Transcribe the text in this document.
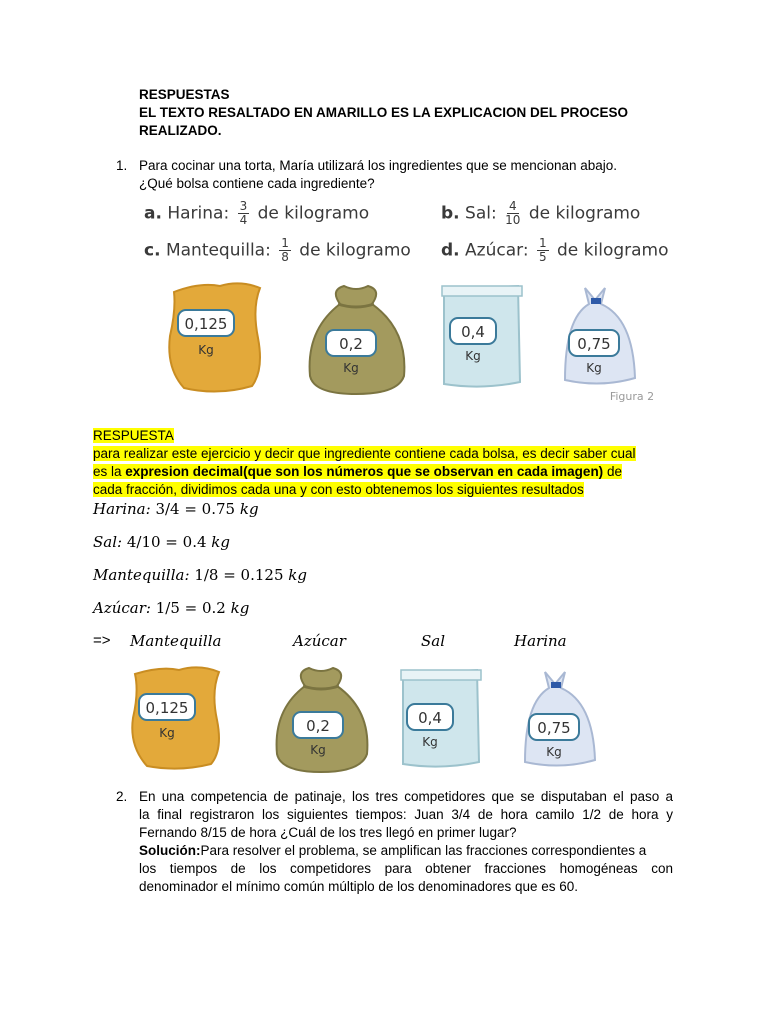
RESPUESTAS
EL TEXTO RESALTADO EN AMARILLO ES LA EXPLICACION DEL PROCESO
REALIZADO.
1. Para cocinar una torta, María utilizará los ingredientes que se mencionan abajo.
¿Qué bolsa contiene cada ingrediente?
a. Harina: $\frac{3}{4}$ de kilogramo	b. Sal: $\frac{4}{10}$ de kilogramo
c. Mantequilla: $\frac{1}{8}$ de kilogramo d. Azúcar: $\frac{1}{5}$ de kilogramo
0,125
Kg	0,2
Kg
0,4
Kg
0,75
Kg
Figura 2
RESPUESTA
para realizar este ejercicio y decir que ingrediente contiene cada bolsa, es decir saber cual
es la expresion decimal(que son los números que se observan en cada imagen) de
cada fracción, dividimos cada una y con esto obtenemos los siguientes resultados
Harina: 3/4 = 0.75 kg
Sal: 4/10 = 0.4 kg
Mantequilla: 1/8 = 0.125 kg
Azúcar: 1/5 = 0.2 kg
=> Mantequilla	Azúcar	Sal	Harina
0,125
Kg	0,2
Kg
0,4
Kg
0,75
Kg
2. En una competencia de patinaje, los tres competidores que se disputaban el paso a
la final registraron los siguientes tiempos: Juan 3/4 de hora camilo 1/2 de hora y
Fernando 8/15 de hora ¿Cuál de los tres llegó en primer lugar?
Solución:Para resolver el problema, se amplifican las fracciones correspondientes a
los tiempos de los competidores para obtener fracciones homogéneas con
denominador el mínimo común múltiplo de los denominadores que es 60.
